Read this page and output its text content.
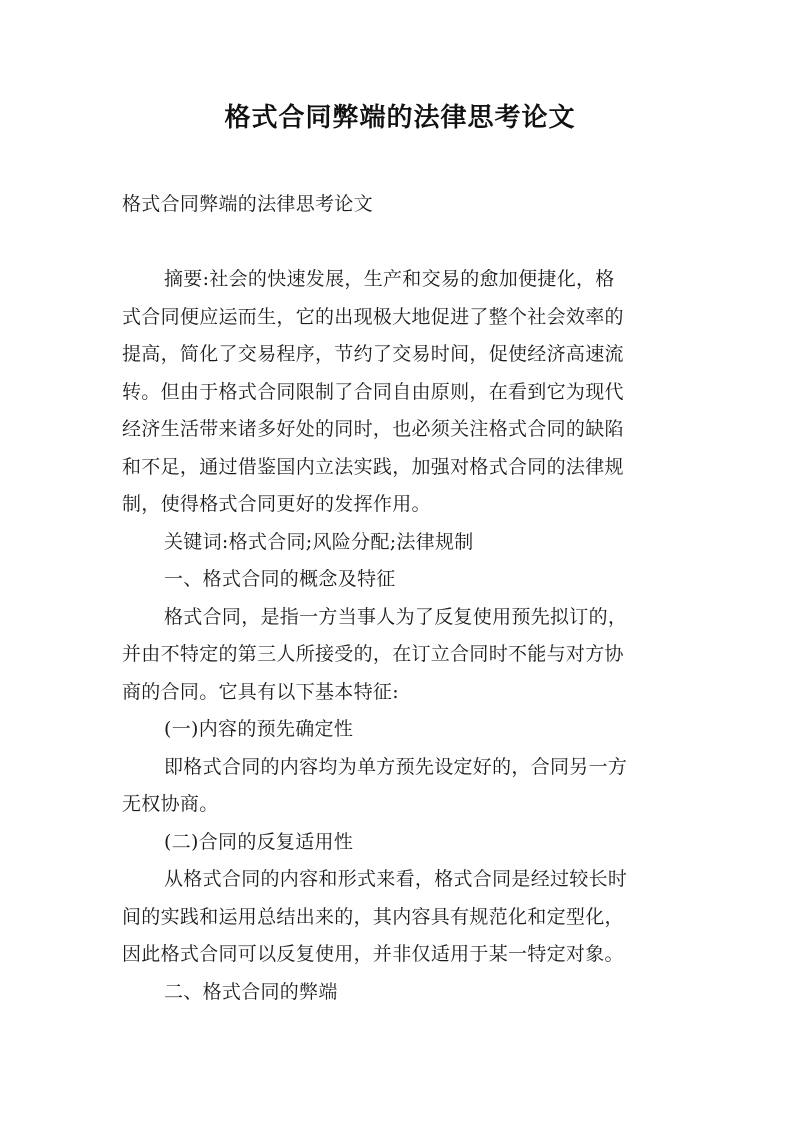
格式合同弊端的法律思考论文
格式合同弊端的法律思考论文
摘要:社会的快速发展，生产和交易的愈加便捷化，格
式合同便应运而生，它的出现极大地促进了整个社会效率的
提高，简化了交易程序，节约了交易时间，促使经济高速流
转。但由于格式合同限制了合同自由原则，在看到它为现代
经济生活带来诸多好处的同时，也必须关注格式合同的缺陷
和不足，通过借鉴国内立法实践，加强对格式合同的法律规
制，使得格式合同更好的发挥作用。
关键词:格式合同;风险分配;法律规制
一、格式合同的概念及特征
格式合同，是指一方当事人为了反复使用预先拟订的，
并由不特定的第三人所接受的，在订立合同时不能与对方协
商的合同。它具有以下基本特征:
(一)内容的预先确定性
即格式合同的内容均为单方预先设定好的，合同另一方
无权协商。
(二)合同的反复适用性
从格式合同的内容和形式来看，格式合同是经过较长时
间的实践和运用总结出来的，其内容具有规范化和定型化，
因此格式合同可以反复使用，并非仅适用于某一特定对象。
二、格式合同的弊端
